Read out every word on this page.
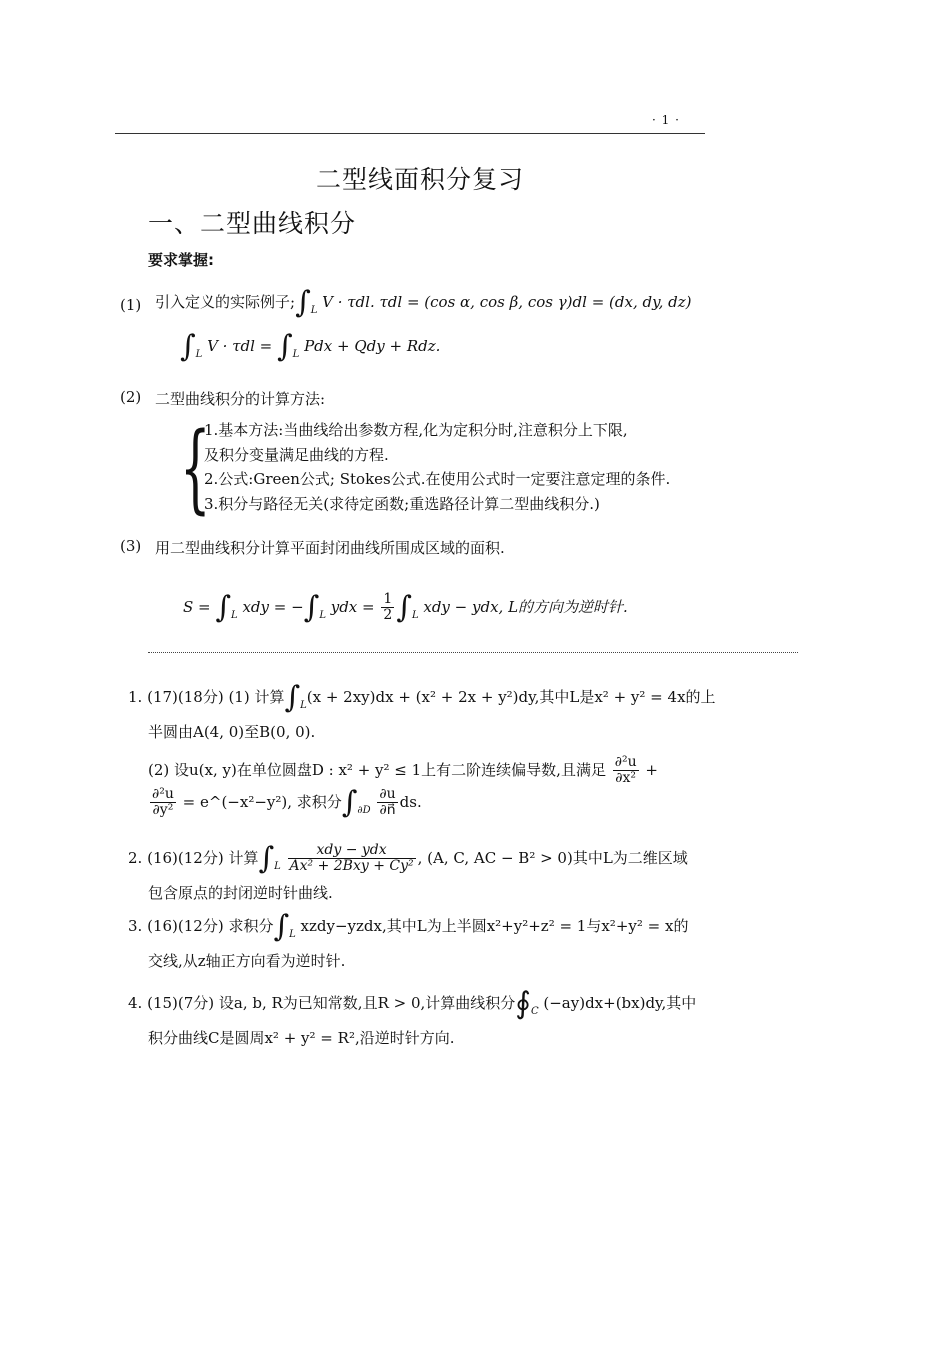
· 1 ·
二型线面积分复习
一、二型曲线积分
要求掌握:
(1) 引入定义的实际例子$;\int_L$ V · τdl. τdl = (cos α, cos β, cos γ)dl = (dx, dy, dz)
$\int_L$ $V \cdot \tau dl = \int_L$ Pdx + Qdy + Rdz.
(2) 二型曲线积分的计算方法:
{
1.基本方法:当曲线给出参数方程,化为定积分时,注意积分上下限,
及积分变量满足曲线的方程.
2.公式:Green公式; Stokes公式.在使用公式时一定要注意定理的条件.
3.积分与路径无关(求待定函数;重选路径计算二型曲线积分.)
(3) 用二型曲线积分计算平面封闭曲线所围成区域的面积.
$S = \int_L$ xdy = $-\int_L$ ydx = $\frac{1}{2} \int_L$ xdy − ydx, L的方向为逆时针.
1. (17)(18分) (1) 计算$\int_L(x + 2xy)dx + (x^2 + 2x + y^2)dy$,其中L是x² + y² = 4x的上
半圆由A(4, 0)至B(0, 0).
(2) 设u(x, y)在单位圆盘D : x² + y² ≤ 1上有二阶连续偏导数,且满足 $\frac{\text{∂²u}}{\text{∂x²}}$ +
$\frac{\text{∂²u}}{\text{∂y²}}$ = e^(−x²−y²), 求积分$\int_{\partial D} \frac{\partial u}{\partial n⃗}$ ds.
2. (16)(12分) 计算$\int_L \frac{\text{xdy − ydx}}{\text{Ax² + 2Bxy + Cy²}}$ , (A, C, AC − B² > 0)其中L为二维区域
包含原点的封闭逆时针曲线.
3. (16)(12分) 求积分$\int_L$ xzdy−yzdx,其中L为上半圆x²+y²+z² = 1与x²+y² = x的
交线,从z轴正方向看为逆时针.
4. (15)(7分) 设a, b, R为已知常数,且R > 0,计算曲线积分$∮_C$ (−ay)dx+(bx)dy,其中
积分曲线C是圆周x² + y² = R²,沿逆时针方向.
